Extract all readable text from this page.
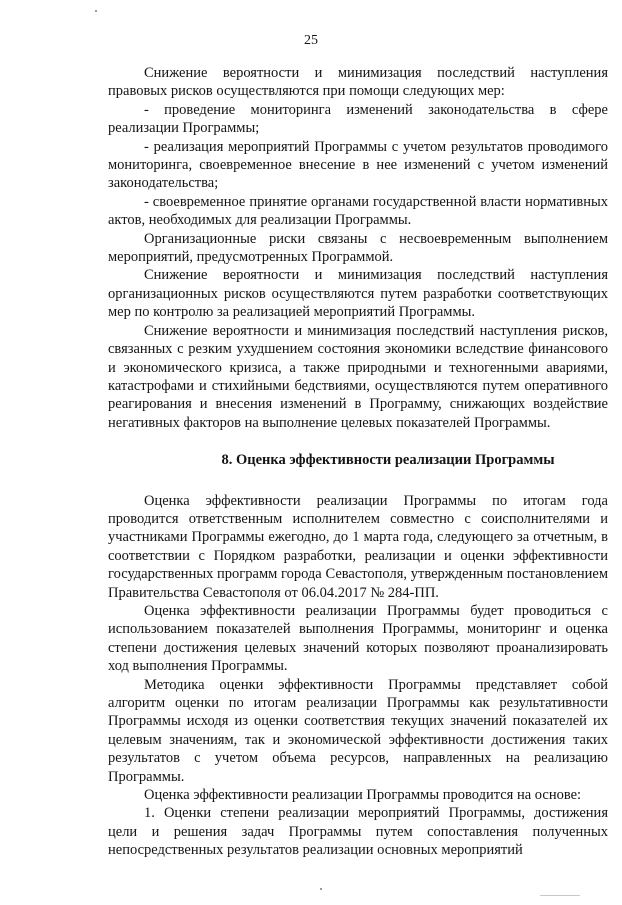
25

Снижение вероятности и минимизация последствий наступления правовых рисков осуществляются при помощи следующих мер:

- проведение мониторинга изменений законодательства в сфере реализации Программы;

- реализация мероприятий Программы с учетом результатов проводимого мониторинга, своевременное внесение в нее изменений с учетом изменений законодательства;

- своевременное принятие органами государственной власти нормативных актов, необходимых для реализации Программы.

Организационные риски связаны с несвоевременным выполнением мероприятий, предусмотренных Программой.

Снижение вероятности и минимизация последствий наступления организационных рисков осуществляются путем разработки соответствующих мер по контролю за реализацией мероприятий Программы.

Снижение вероятности и минимизация последствий наступления рисков, связанных с резким ухудшением состояния экономики вследствие финансового и экономического кризиса, а также природными и техногенными авариями, катастрофами и стихийными бедствиями, осуществляются путем оперативного реагирования и внесения изменений в Программу, снижающих воздействие негативных факторов на выполнение целевых показателей Программы.

8. Оценка эффективности реализации Программы

Оценка эффективности реализации Программы по итогам года проводится ответственным исполнителем совместно с соисполнителями и участниками Программы ежегодно, до 1 марта года, следующего за отчетным, в соответствии с Порядком разработки, реализации и оценки эффективности государственных программ города Севастополя, утвержденным постановлением Правительства Севастополя от 06.04.2017 № 284-ПП.

Оценка эффективности реализации Программы будет проводиться с использованием показателей выполнения Программы, мониторинг и оценка степени достижения целевых значений которых позволяют проанализировать ход выполнения Программы.

Методика оценки эффективности Программы представляет собой алгоритм оценки по итогам реализации Программы как результативности Программы исходя из оценки соответствия текущих значений показателей их целевым значениям, так и экономической эффективности достижения таких результатов с учетом объема ресурсов, направленных на реализацию Программы.

Оценка эффективности реализации Программы проводится на основе:

1. Оценки степени реализации мероприятий Программы, достижения цели и решения задач Программы путем сопоставления полученных непосредственных результатов реализации основных мероприятий
